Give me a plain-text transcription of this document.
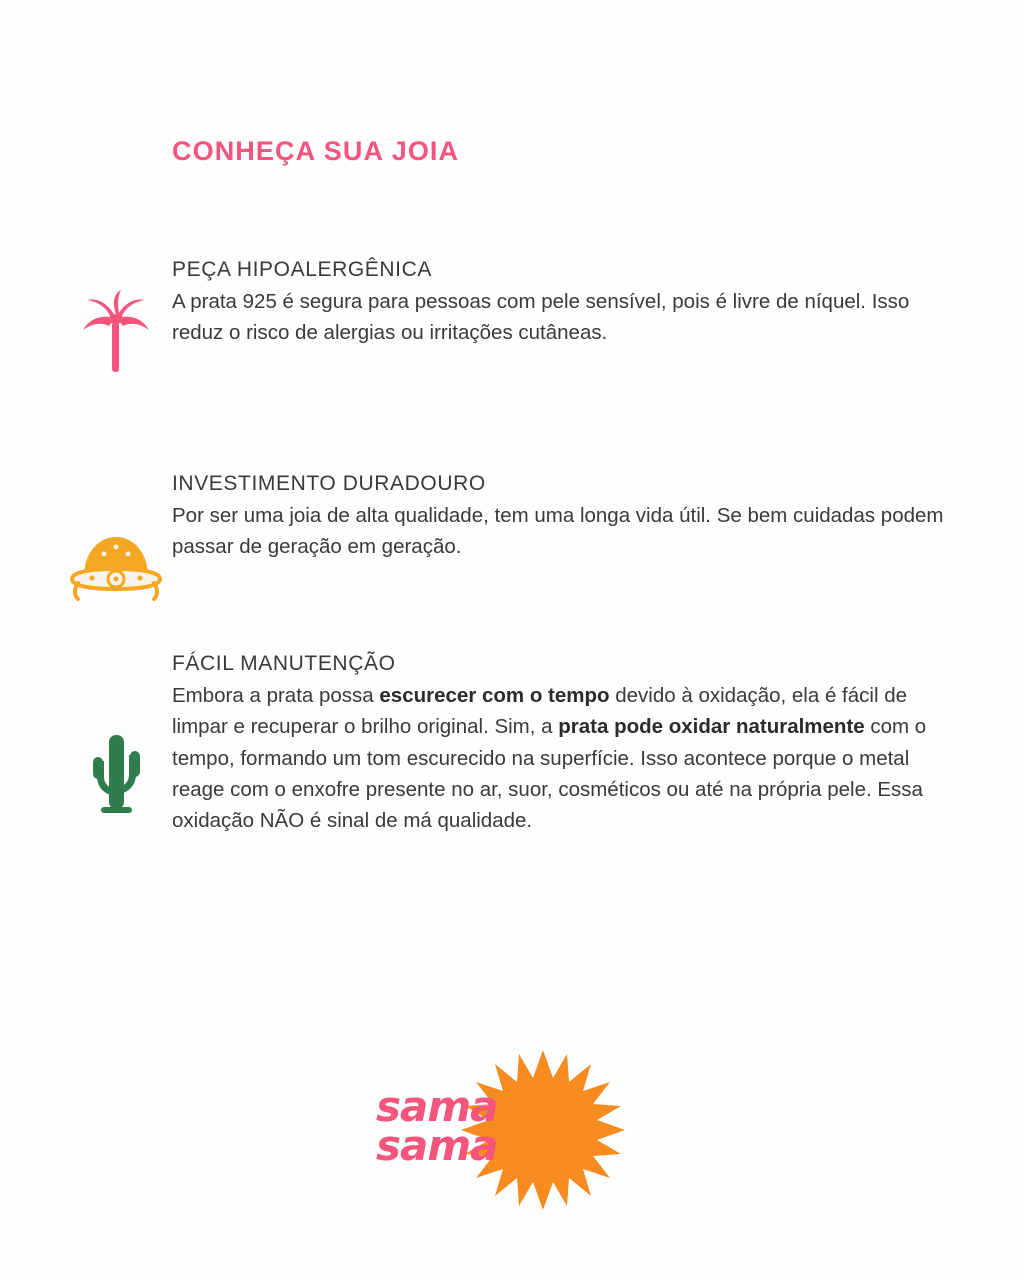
CONHEÇA SUA JOIA
PEÇA HIPOALERGÊNICA
A prata 925 é segura para pessoas com pele sensível, pois é livre de níquel. Isso reduz o risco de alergias ou irritações cutâneas.
INVESTIMENTO DURADOURO
Por ser uma joia de alta qualidade, tem uma longa vida útil. Se bem cuidadas podem passar de geração em geração.
FÁCIL MANUTENÇÃO
Embora a prata possa escurecer com o tempo devido à oxidação, ela é fácil de limpar e recuperar o brilho original. Sim, a prata pode oxidar naturalmente com o tempo, formando um tom escurecido na superfície. Isso acontece porque o metal reage com o enxofre presente no ar, suor, cosméticos ou até na própria pele. Essa oxidação NÃO é sinal de má qualidade.
sama
sama
